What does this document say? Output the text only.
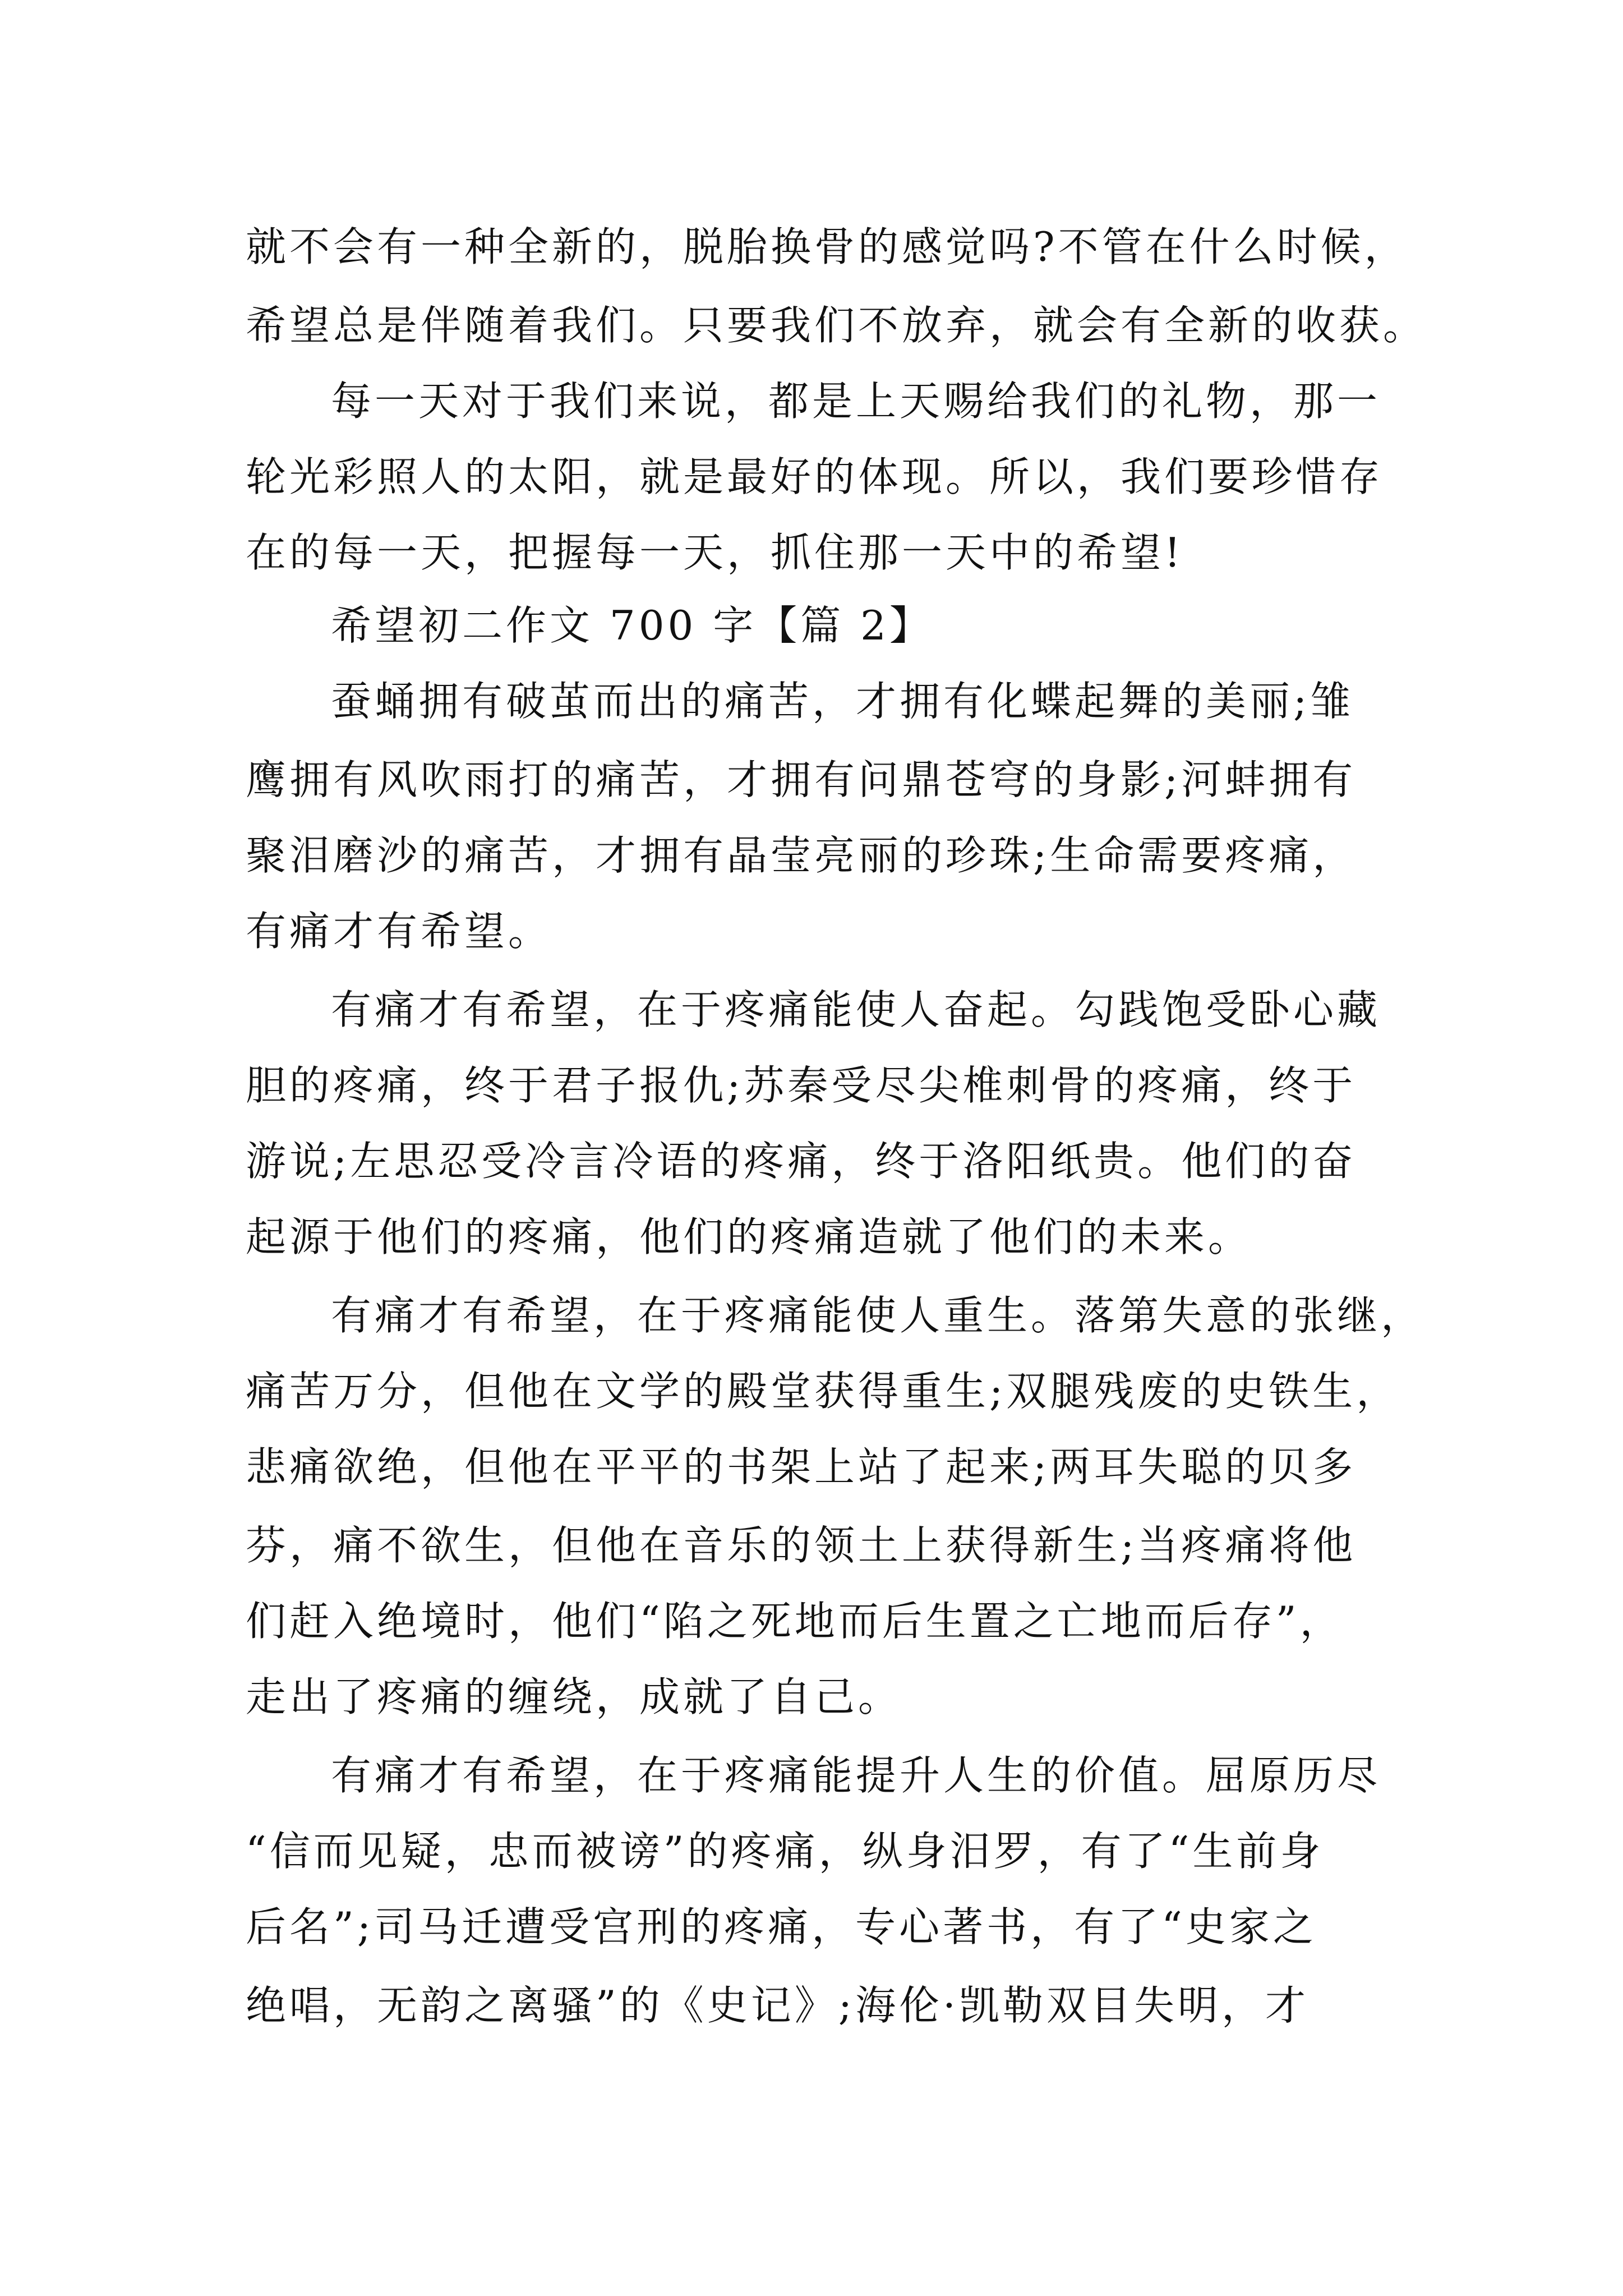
就不会有一种全新的，脱胎换骨的感觉吗?不管在什么时候，
希望总是伴随着我们。只要我们不放弃，就会有全新的收获。
每一天对于我们来说，都是上天赐给我们的礼物，那一
轮光彩照人的太阳，就是最好的体现。所以，我们要珍惜存
在的每一天，把握每一天，抓住那一天中的希望!
希望初二作文 700 字【篇 2】
蚕蛹拥有破茧而出的痛苦，才拥有化蝶起舞的美丽;雏
鹰拥有风吹雨打的痛苦，才拥有问鼎苍穹的身影;河蚌拥有
聚泪磨沙的痛苦，才拥有晶莹亮丽的珍珠;生命需要疼痛，
有痛才有希望。
有痛才有希望，在于疼痛能使人奋起。勾践饱受卧心藏
胆的疼痛，终于君子报仇;苏秦受尽尖椎刺骨的疼痛，终于
游说;左思忍受冷言冷语的疼痛，终于洛阳纸贵。他们的奋
起源于他们的疼痛，他们的疼痛造就了他们的未来。
有痛才有希望，在于疼痛能使人重生。落第失意的张继，
痛苦万分，但他在文学的殿堂获得重生;双腿残废的史铁生，
悲痛欲绝，但他在平平的书架上站了起来;两耳失聪的贝多
芬，痛不欲生，但他在音乐的领土上获得新生;当疼痛将他
们赶入绝境时，他们“陷之死地而后生置之亡地而后存”，
走出了疼痛的缠绕，成就了自己。
有痛才有希望，在于疼痛能提升人生的价值。屈原历尽
“信而见疑，忠而被谤”的疼痛，纵身汨罗，有了“生前身
后名”;司马迁遭受宫刑的疼痛，专心著书，有了“史家之
绝唱，无韵之离骚”的《史记》;海伦·凯勒双目失明，才
